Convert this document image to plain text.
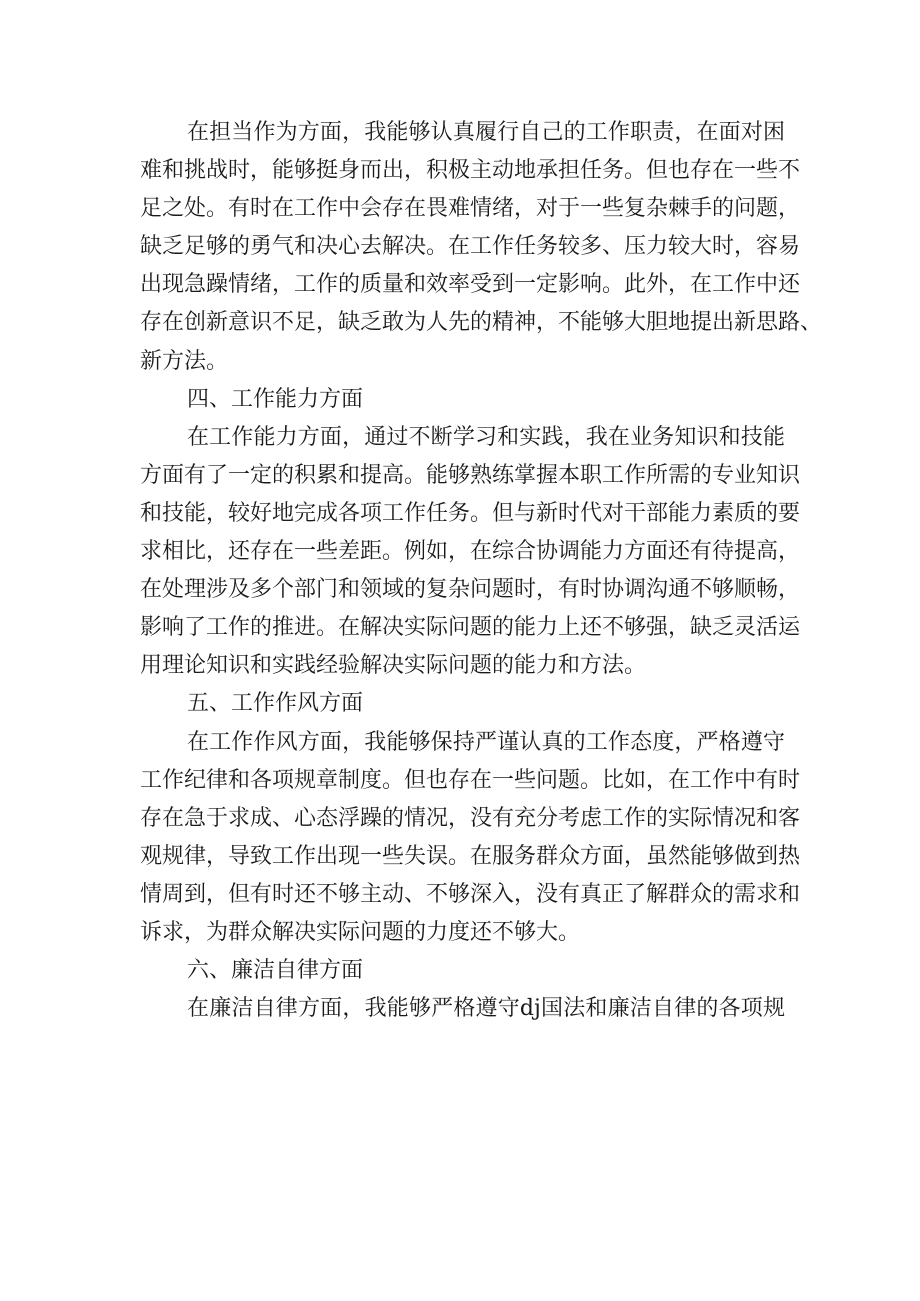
在担当作为方面，我能够认真履行自己的工作职责，在面对困
难和挑战时，能够挺身而出，积极主动地承担任务。但也存在一些不
足之处。有时在工作中会存在畏难情绪，对于一些复杂棘手的问题，
缺乏足够的勇气和决心去解决。在工作任务较多、压力较大时，容易
出现急躁情绪，工作的质量和效率受到一定影响。此外，在工作中还
存在创新意识不足，缺乏敢为人先的精神，不能够大胆地提出新思路、
新方法。
四、工作能力方面
在工作能力方面，通过不断学习和实践，我在业务知识和技能
方面有了一定的积累和提高。能够熟练掌握本职工作所需的专业知识
和技能，较好地完成各项工作任务。但与新时代对干部能力素质的要
求相比，还存在一些差距。例如，在综合协调能力方面还有待提高，
在处理涉及多个部门和领域的复杂问题时，有时协调沟通不够顺畅，
影响了工作的推进。在解决实际问题的能力上还不够强，缺乏灵活运
用理论知识和实践经验解决实际问题的能力和方法。
五、工作作风方面
在工作作风方面，我能够保持严谨认真的工作态度，严格遵守
工作纪律和各项规章制度。但也存在一些问题。比如，在工作中有时
存在急于求成、心态浮躁的情况，没有充分考虑工作的实际情况和客
观规律，导致工作出现一些失误。在服务群众方面，虽然能够做到热
情周到，但有时还不够主动、不够深入，没有真正了解群众的需求和
诉求，为群众解决实际问题的力度还不够大。
六、廉洁自律方面
在廉洁自律方面，我能够严格遵守dj国法和廉洁自律的各项规
